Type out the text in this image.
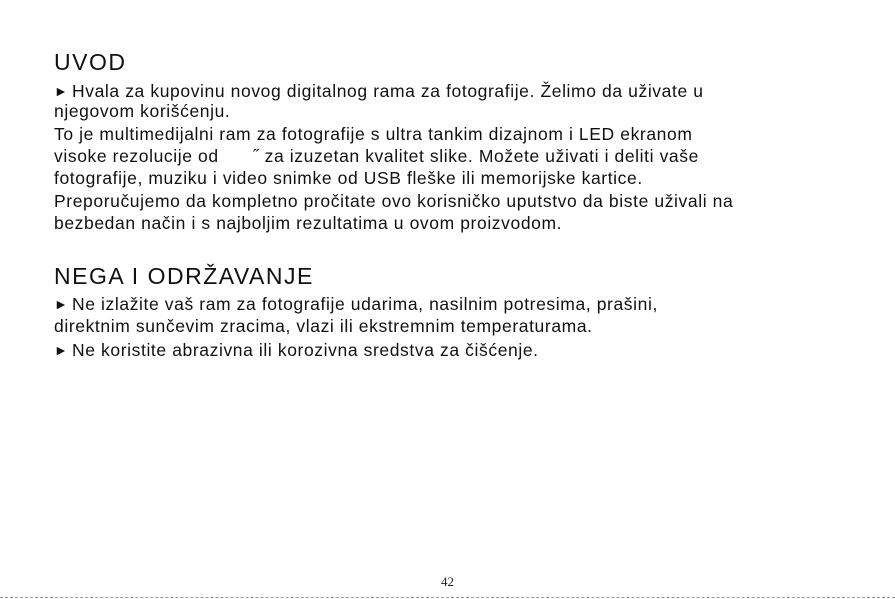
UVOD
► Hvala za kupovinu novog digitalnog rama za fotografije. Želimo da uživate u
njegovom korišćenju.
To je multimedijalni ram za fotografije s ultra tankim dizajnom i LED ekranom
visoke rezolucije od ˝ za izuzetan kvalitet slike. Možete uživati i deliti vaše
fotografije, muziku i video snimke od USB fleške ili memorijske kartice.
Preporučujemo da kompletno pročitate ovo korisničko uputstvo da biste uživali na
bezbedan način i s najboljim rezultatima u ovom proizvodom.
NEGA I ODRŽAVANJE
► Ne izlažite vaš ram za fotografije udarima, nasilnim potresima, prašini,
direktnim sunčevim zracima, vlazi ili ekstremnim temperaturama.
► Ne koristite abrazivna ili korozivna sredstva za čišćenje.
42
